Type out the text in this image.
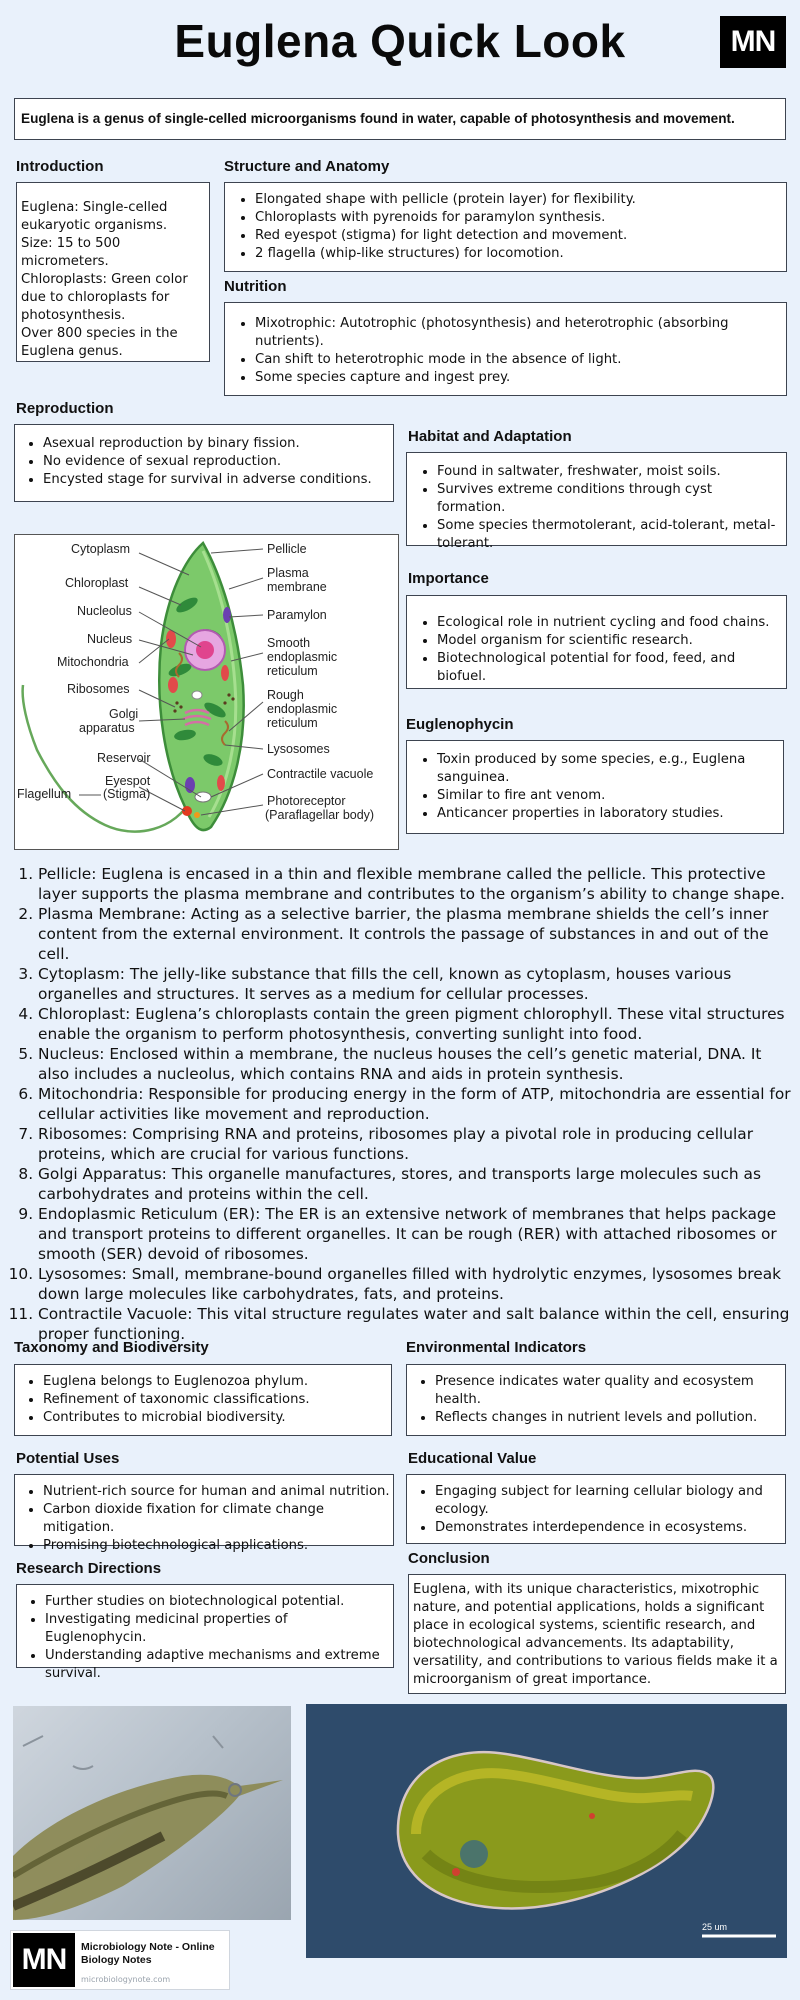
Euglena Quick Look	MN
Euglena is a genus of single-celled microorganisms found in water, capable of photosynthesis and movement.
Introduction
Euglena: Single-celled eukaryotic organisms.
Size: 15 to 500 micrometers.
Chloroplasts: Green color due to chloroplasts for photosynthesis.
Over 800 species in the Euglena genus.
Structure and Anatomy
• Elongated shape with pellicle (protein layer) for flexibility.
• Chloroplasts with pyrenoids for paramylon synthesis.
• Red eyespot (stigma) for light detection and movement.
• 2 flagella (whip-like structures) for locomotion.
Nutrition
• Mixotrophic: Autotrophic (photosynthesis) and heterotrophic (absorbing nutrients).
• Can shift to heterotrophic mode in the absence of light.
• Some species capture and ingest prey.
Reproduction
• Asexual reproduction by binary fission.
• No evidence of sexual reproduction.
• Encysted stage for survival in adverse conditions.
Habitat and Adaptation
• Found in saltwater, freshwater, moist soils.
• Survives extreme conditions through cyst formation.
• Some species thermotolerant, acid-tolerant, metal-tolerant.
Cytoplasm
Chloroplast
Nucleolus
Nucleus
Mitochondria
Ribosomes
Golgi
apparatus
Reservoir
Eyespot
(Stigma)
Flagellum
Pellicle
Plasma
membrane
Paramylon
Smooth
endoplasmic
reticulum
Rough
endoplasmic
reticulum
Lysosomes
Contractile vacuole
Photoreceptor
(Paraflagellar body)
Importance
• Ecological role in nutrient cycling and food chains.
• Model organism for scientific research.
• Biotechnological potential for food, feed, and biofuel.
Euglenophycin
• Toxin produced by some species, e.g., Euglena sanguinea.
• Similar to fire ant venom.
• Anticancer properties in laboratory studies.
1. Pellicle: Euglena is encased in a thin and flexible membrane called the pellicle. This protective layer supports the plasma membrane and contributes to the organism’s ability to change shape.
2. Plasma Membrane: Acting as a selective barrier, the plasma membrane shields the cell’s inner content from the external environment. It controls the passage of substances in and out of the cell.
3. Cytoplasm: The jelly-like substance that fills the cell, known as cytoplasm, houses various organelles and structures. It serves as a medium for cellular processes.
4. Chloroplast: Euglena’s chloroplasts contain the green pigment chlorophyll. These vital structures enable the organism to perform photosynthesis, converting sunlight into food.
5. Nucleus: Enclosed within a membrane, the nucleus houses the cell’s genetic material, DNA. It also includes a nucleolus, which contains RNA and aids in protein synthesis.
6. Mitochondria: Responsible for producing energy in the form of ATP, mitochondria are essential for cellular activities like movement and reproduction.
7. Ribosomes: Comprising RNA and proteins, ribosomes play a pivotal role in producing cellular proteins, which are crucial for various functions.
8. Golgi Apparatus: This organelle manufactures, stores, and transports large molecules such as carbohydrates and proteins within the cell.
9. Endoplasmic Reticulum (ER): The ER is an extensive network of membranes that helps package and transport proteins to different organelles. It can be rough (RER) with attached ribosomes or smooth (SER) devoid of ribosomes.
10. Lysosomes: Small, membrane-bound organelles filled with hydrolytic enzymes, lysosomes break down large molecules like carbohydrates, fats, and proteins.
11. Contractile Vacuole: This vital structure regulates water and salt balance within the cell, ensuring proper functioning.
Taxonomy and Biodiversity
• Euglena belongs to Euglenozoa phylum.
• Refinement of taxonomic classifications.
• Contributes to microbial biodiversity.
Environmental Indicators
• Presence indicates water quality and ecosystem health.
• Reflects changes in nutrient levels and pollution.
Potential Uses
• Nutrient-rich source for human and animal nutrition.
• Carbon dioxide fixation for climate change mitigation.
• Promising biotechnological applications.
Educational Value
• Engaging subject for learning cellular biology and ecology.
• Demonstrates interdependence in ecosystems.
Research Directions
• Further studies on biotechnological potential.
• Investigating medicinal properties of Euglenophycin.
• Understanding adaptive mechanisms and extreme survival.
Conclusion
Euglena, with its unique characteristics, mixotrophic nature, and potential applications, holds a significant place in ecological systems, scientific research, and biotechnological advancements. Its adaptability, versatility, and contributions to various fields make it a microorganism of great importance.
25 um
MN	Microbiology Note - Online Biology Notes
microbiologynote.com
